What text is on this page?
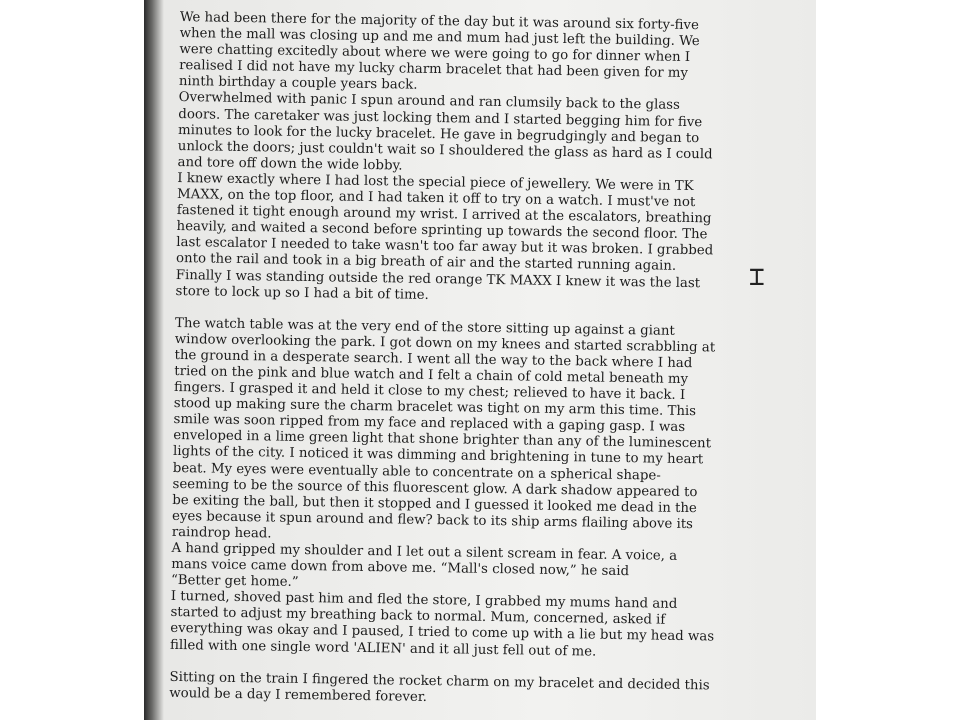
We had been there for the majority of the day but it was around six forty-five
when the mall was closing up and me and mum had just left the building. We
were chatting excitedly about where we were going to go for dinner when I
realised I did not have my lucky charm bracelet that had been given for my
ninth birthday a couple years back.

Overwhelmed with panic I spun around and ran clumsily back to the glass
doors. The caretaker was just locking them and I started begging him for five
minutes to look for the lucky bracelet. He gave in begrudgingly and began to
unlock the doors; just couldn't wait so I shouldered the glass as hard as I could
and tore off down the wide lobby.

I knew exactly where I had lost the special piece of jewellery. We were in TK
MAXX, on the top floor, and I had taken it off to try on a watch. I must've not
fastened it tight enough around my wrist. I arrived at the escalators, breathing
heavily, and waited a second before sprinting up towards the second floor. The
last escalator I needed to take wasn't too far away but it was broken. I grabbed
onto the rail and took in a big breath of air and the started running again.
Finally I was standing outside the red orange TK MAXX I knew it was the last
store to lock up so I had a bit of time.

The watch table was at the very end of the store sitting up against a giant
window overlooking the park. I got down on my knees and started scrabbling at
the ground in a desperate search. I went all the way to the back where I had
tried on the pink and blue watch and I felt a chain of cold metal beneath my
fingers. I grasped it and held it close to my chest; relieved to have it back. I
stood up making sure the charm bracelet was tight on my arm this time. This
smile was soon ripped from my face and replaced with a gaping gasp. I was
enveloped in a lime green light that shone brighter than any of the luminescent
lights of the city. I noticed it was dimming and brightening in tune to my heart
beat. My eyes were eventually able to concentrate on a spherical shape-
seeming to be the source of this fluorescent glow. A dark shadow appeared to
be exiting the ball, but then it stopped and I guessed it looked me dead in the
eyes because it spun around and flew? back to its ship arms flailing above its
raindrop head.

A hand gripped my shoulder and I let out a silent scream in fear. A voice, a
mans voice came down from above me. “Mall's closed now,” he said
“Better get home.”

I turned, shoved past him and fled the store, I grabbed my mums hand and
started to adjust my breathing back to normal. Mum, concerned, asked if
everything was okay and I paused, I tried to come up with a lie but my head was
filled with one single word 'ALIEN' and it all just fell out of me.

Sitting on the train I fingered the rocket charm on my bracelet and decided this
would be a day I remembered forever.

⌶
